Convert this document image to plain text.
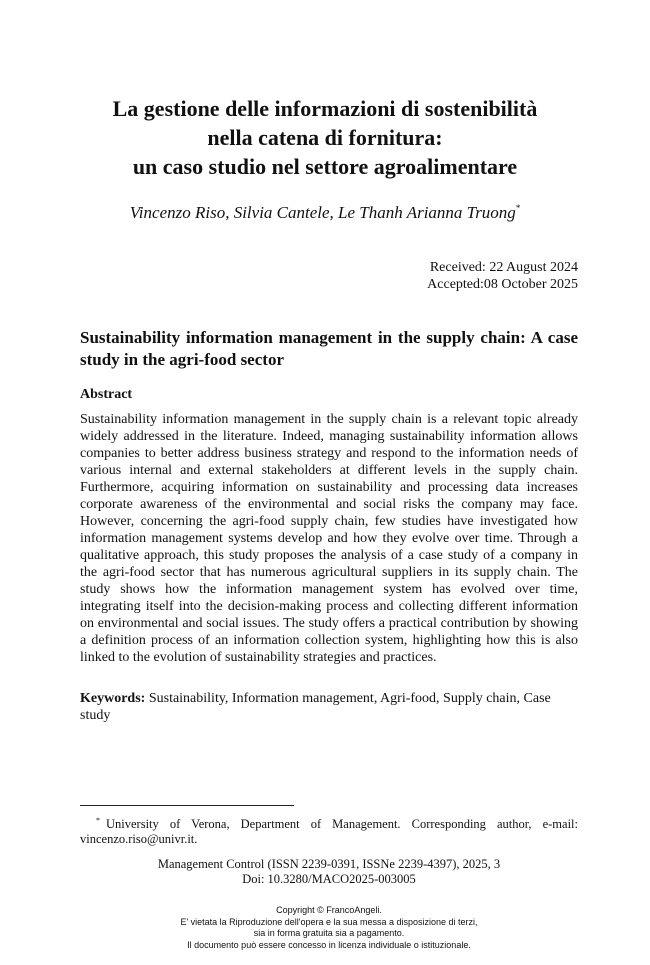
La gestione delle informazioni di sostenibilità
nella catena di fornitura:
un caso studio nel settore agroalimentare
Vincenzo Riso, Silvia Cantele, Le Thanh Arianna Truong*
Received: 22 August 2024
Accepted:08 October 2025
Sustainability information management in the supply chain: A case study in the agri-food sector
Abstract
Sustainability information management in the supply chain is a relevant topic already widely addressed in the literature. Indeed, managing sustainability information allows companies to better address business strategy and respond to the information needs of various internal and external stakeholders at different levels in the supply chain. Furthermore, acquiring information on sustainability and processing data increases corporate awareness of the environmental and social risks the company may face. However, concerning the agri-food supply chain, few studies have investigated how information management systems develop and how they evolve over time. Through a qualitative approach, this study proposes the analysis of a case study of a company in the agri-food sector that has numerous agricultural suppliers in its supply chain. The study shows how the information management system has evolved over time, integrating itself into the decision-making process and collecting different information on environmental and social issues. The study offers a practical contribution by showing a definition process of an information collection system, highlighting how this is also linked to the evolution of sustainability strategies and practices.
Keywords: Sustainability, Information management, Agri-food, Supply chain, Case study
* University of Verona, Department of Management. Corresponding author, e-mail: vincenzo.riso@univr.it.
Management Control (ISSN 2239-0391, ISSNe 2239-4397), 2025, 3
Doi: 10.3280/MACO2025-003005
Copyright © FrancoAngeli.
E' vietata la Riproduzione dell'opera e la sua messa a disposizione di terzi,
sia in forma gratuita sia a pagamento.
Il documento può essere concesso in licenza individuale o istituzionale.
